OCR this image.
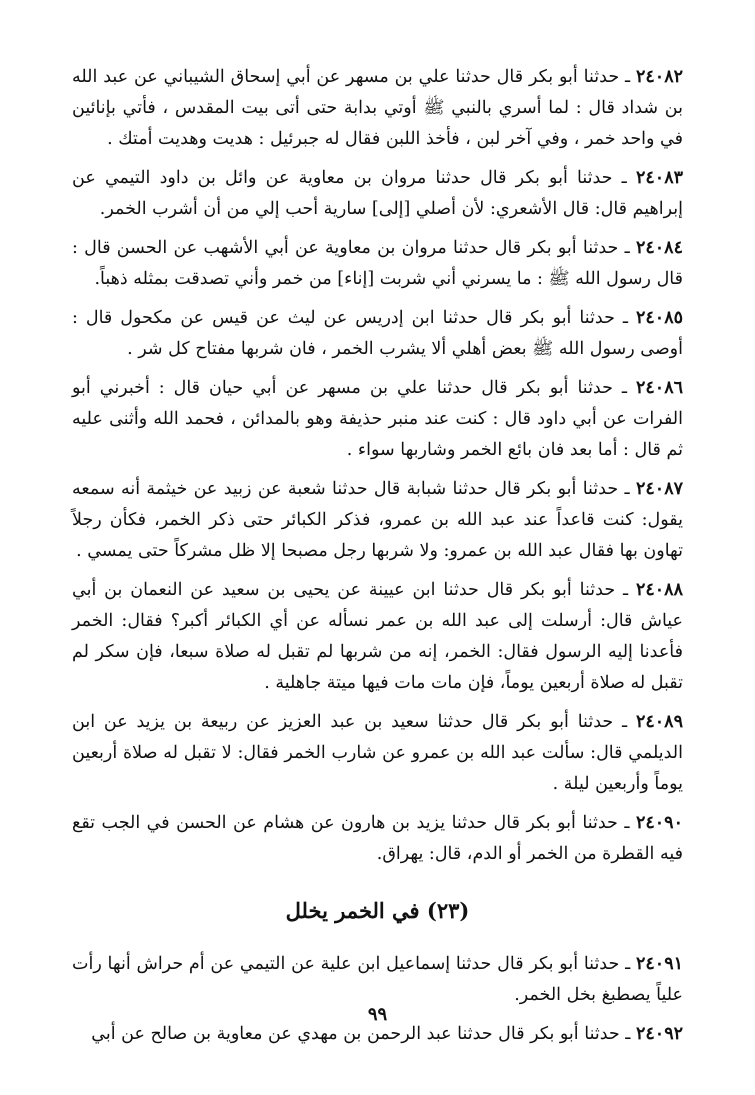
٢٤٠٨٢ ـ حدثنا أبو بكر قال حدثنا علي بن مسهر عن أبي إسحاق الشيباني عن عبد الله بن شداد قال : لما أسري بالنبي ﷺ أوتي بدابة حتى أتى بيت المقدس ، فأتي بإنائين في واحد خمر ، وفي آخر لبن ، فأخذ اللبن فقال له جبرئيل : هديت وهديت أمتك .

٢٤٠٨٣ ـ حدثنا أبو بكر قال حدثنا مروان بن معاوية عن وائل بن داود التيمي عن إبراهيم قال: قال الأشعري: لأن أصلي [إلى] سارية أحب إلي من أن أشرب الخمر.

٢٤٠٨٤ ـ حدثنا أبو بكر قال حدثنا مروان بن معاوية عن أبي الأشهب عن الحسن قال : قال رسول الله ﷺ : ما يسرني أني شربت [إناء] من خمر وأني تصدقت بمثله ذهباً.

٢٤٠٨٥ ـ حدثنا أبو بكر قال حدثنا ابن إدريس عن ليث عن قيس عن مكحول قال : أوصى رسول الله ﷺ بعض أهلي ألا يشرب الخمر ، فان شربها مفتاح كل شر .

٢٤٠٨٦ ـ حدثنا أبو بكر قال حدثنا علي بن مسهر عن أبي حيان قال : أخبرني أبو الفرات عن أبي داود قال : كنت عند منبر حذيفة وهو بالمدائن ، فحمد الله وأثنى عليه ثم قال : أما بعد فان بائع الخمر وشاربها سواء .

٢٤٠٨٧ ـ حدثنا أبو بكر قال حدثنا شبابة قال حدثنا شعبة عن زبيد عن خيثمة أنه سمعه يقول: كنت قاعداً عند عبد الله بن عمرو، فذكر الكبائر حتى ذكر الخمر، فكأن رجلاً تهاون بها فقال عبد الله بن عمرو: ولا شربها رجل مصبحا إلا ظل مشركاً حتى يمسي .

٢٤٠٨٨ ـ حدثنا أبو بكر قال حدثنا ابن عيينة عن يحيى بن سعيد عن النعمان بن أبي عياش قال: أرسلت إلى عبد الله بن عمر نسأله عن أي الكبائر أكبر؟ فقال: الخمر فأعدنا إليه الرسول فقال: الخمر، إنه من شربها لم تقبل له صلاة سبعا، فإن سكر لم تقبل له صلاة أربعين يوماً، فإن مات مات فيها ميتة جاهلية .

٢٤٠٨٩ ـ حدثنا أبو بكر قال حدثنا سعيد بن عبد العزيز عن ربيعة بن يزيد عن ابن الديلمي قال: سألت عبد الله بن عمرو عن شارب الخمر فقال: لا تقبل له صلاة أربعين يوماً وأربعين ليلة .

٢٤٠٩٠ ـ حدثنا أبو بكر قال حدثنا يزيد بن هارون عن هشام عن الحسن في الجب تقع فيه القطرة من الخمر أو الدم، قال: يهراق.

(٢٣) في الخمر يخلل

٢٤٠٩١ ـ حدثنا أبو بكر قال حدثنا إسماعيل ابن علية عن التيمي عن أم حراش أنها رأت علياً يصطبغ بخل الخمر.

٢٤٠٩٢ ـ حدثنا أبو بكر قال حدثنا عبد الرحمن بن مهدي عن معاوية بن صالح عن أبي

٩٩
